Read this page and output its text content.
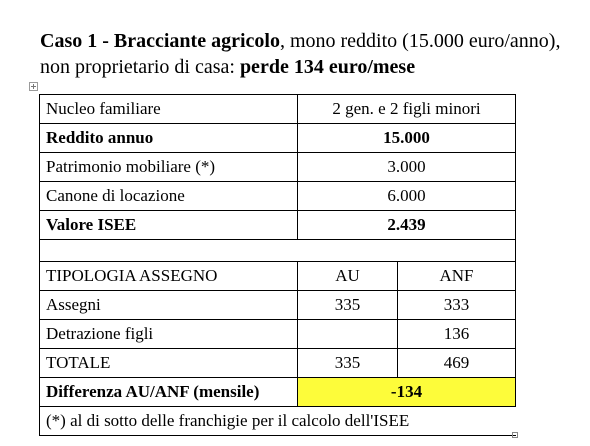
Caso 1 - Bracciante agricolo, mono reddito (15.000 euro/anno), non proprietario di casa: perde 134 euro/mese
Nucleo familiare	2 gen. e 2 figli minori	
Reddito annuo	15.000	
Patrimonio mobiliare (*)	3.000	
Canone di locazione	6.000	
Valore ISEE	2.439	

TIPOLOGIA ASSEGNO	AU	ANF
Assegni	335	333
Detrazione figli		136
TOTALE	335	469
Differenza AU/ANF (mensile)	-134	
(*) al di sotto delle franchigie per il calcolo dell'ISEE		
